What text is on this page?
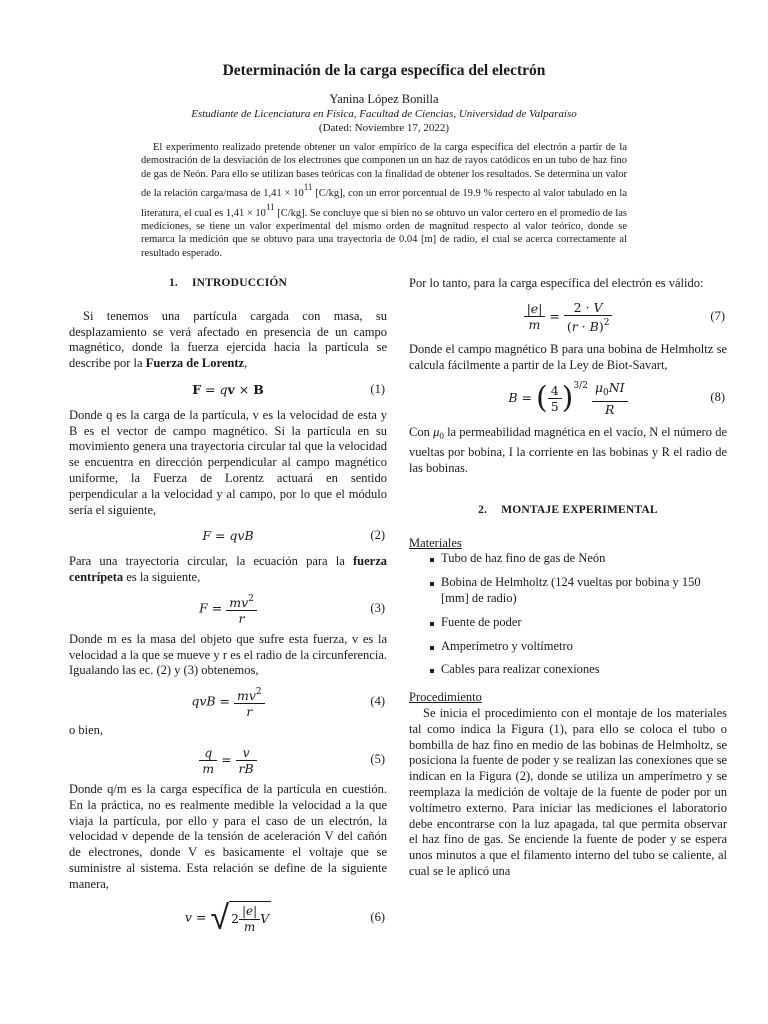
Determinación de la carga específica del electrón
Yanina López Bonilla
Estudiante de Licenciatura en Física, Facultad de Ciencias, Universidad de Valparaíso
(Dated: Noviembre 17, 2022)
El experimento realizado pretende obtener un valor empírico de la carga específica del electrón a partir de la demostración de la desviación de los electrones que componen un un haz de rayos catódicos en un tubo de haz fino de gas de Neón. Para ello se utilizan bases teóricas con la finalidad de obtener los resultados. Se determina un valor de la relación carga/masa de 1,41 × 1011 [C/kg], con un error porcentual de 19.9 % respecto al valor tabulado en la literatura, el cual es 1,41 × 1011 [C/kg]. Se concluye que si bien no se obtuvo un valor certero en el promedio de las mediciones, se tiene un valor experimental del mismo orden de magnitud respecto al valor teórico, donde se remarca la medición que se obtuvo para una trayectoria de 0.04 [m] de radio, el cual se acerca correctamente al resultado esperado.
1. INTRODUCCIÓN

Si tenemos una partícula cargada con masa, su desplazamiento se verá afectado en presencia de un campo magnético, donde la fuerza ejercida hacia la partícula se describe por la Fuerza de Lorentz,

F = qv × B	(1)

Donde q es la carga de la partícula, v es la velocidad de esta y B es el vector de campo magnético. Si la partícula en su movimiento genera una trayectoria circular tal que la velocidad se encuentra en dirección perpendicular al campo magnético uniforme, la Fuerza de Lorentz actuará en sentido perpendicular a la velocidad y al campo, por lo que el módulo sería el siguiente,

F = qvB	(2)

Para una trayectoria circular, la ecuación para la fuerza centrípeta es la siguiente,

$F = \frac{mv^2}{r}$	(3)

Donde m es la masa del objeto que sufre esta fuerza, v es la velocidad a la que se mueve y r es el radio de la circunferencia. Igualando las ec. (2) y (3) obtenemos,

qvB = $\frac{mv^2}{r}$	(4)

o bien,

$\frac{q}{m} = \frac{v}{rB}$	(5)

Donde q/m es la carga específica de la partícula en cuestión. En la práctica, no es realmente medible la velocidad a la que viaja la partícula, por ello y para el caso de un electrón, la velocidad v depende de la tensión de aceleración V del cañón de electrones, donde V es basicamente el voltaje que se suministre al sistema. Esta relación se define de la siguiente manera,

v = √ $2 \frac{|e|}{m}$ V	(6)

Por lo tanto, para la carga específica del electrón es válido:

$\frac{|e|}{m} = \frac{2 \cdot V}{(r \cdot B)^2}$	(7)

Donde el campo magnético B para una bobina de Helmholtz se calcula fácilmente a partir de la Ley de Biot-Savart,

B = ( $\frac{4}{5} )^{3/2} \frac{\mu_0NI}{R}$	(8)

Con $\mu_0$ la permeabilidad magnética en el vacío, N el número de vueltas por bobina, I la corriente en las bobinas y R el radio de las bobinas.

2. MONTAJE EXPERIMENTAL

Materiales

Tubo de haz fino de gas de Neón
Bobina de Helmholtz (124 vueltas por bobina y 150 [mm] de radio)
Fuente de poder
Amperímetro y voltímetro
Cables para realizar conexiones

Procedimiento

Se inicia el procedimiento con el montaje de los materiales tal como indica la Figura (1), para ello se coloca el tubo o bombilla de haz fino en medio de las bobinas de Helmholtz, se posiciona la fuente de poder y se realizan las conexiones que se indican en la Figura (2), donde se utiliza un amperímetro y se reemplaza la medición de voltaje de la fuente de poder por un voltímetro externo. Para iniciar las mediciones el laboratorio debe encontrarse con la luz apagada, tal que permita observar el haz fino de gas. Se enciende la fuente de poder y se espera unos minutos a que el filamento interno del tubo se caliente, al cual se le aplicó una
